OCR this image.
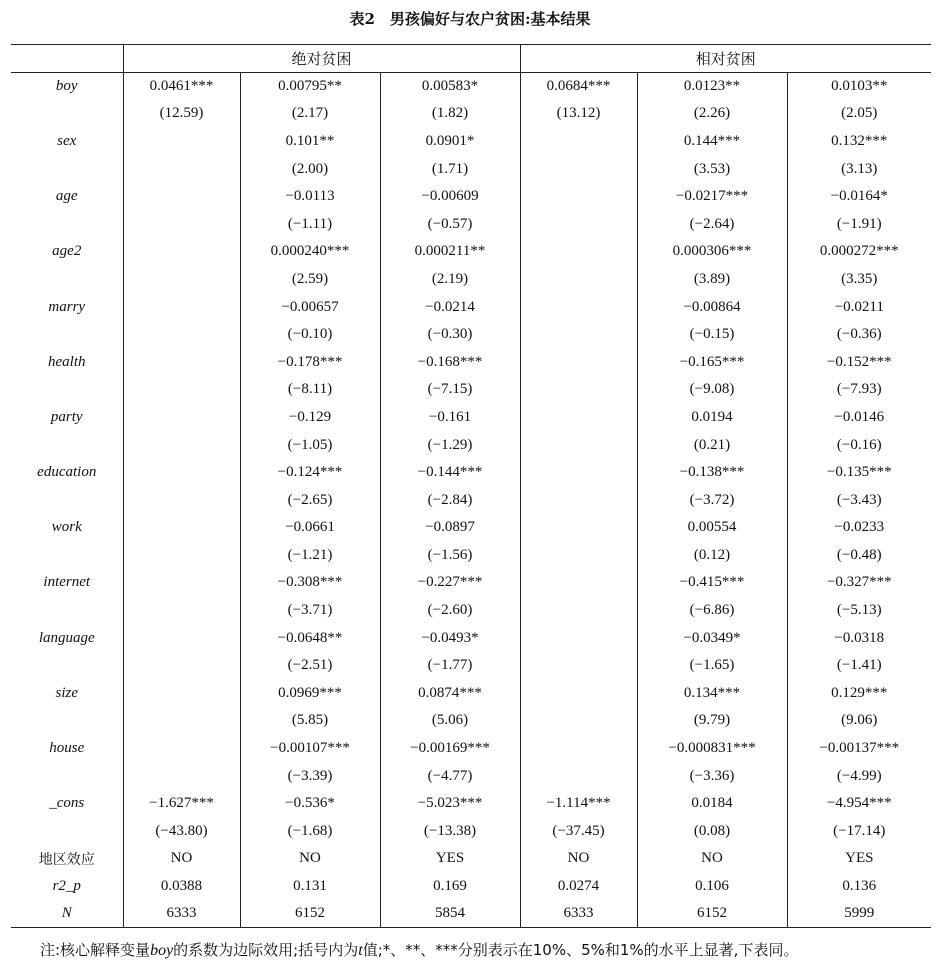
表2　男孩偏好与农户贫困:基本结果
	绝对贫困			相对贫困		
boy	0.0461***	0.00795**	0.00583*	0.0684***	0.0123**	0.0103**
	(12.59)	(2.17)	(1.82)	(13.12)	(2.26)	(2.05)
sex		0.101**	0.0901*		0.144***	0.132***
		(2.00)	(1.71)		(3.53)	(3.13)
age		−0.0113	−0.00609		−0.0217***	−0.0164*
		(−1.11)	(−0.57)		(−2.64)	(−1.91)
age2		0.000240***	0.000211**		0.000306***	0.000272***
		(2.59)	(2.19)		(3.89)	(3.35)
marry		−0.00657	−0.0214		−0.00864	−0.0211
		(−0.10)	(−0.30)		(−0.15)	(−0.36)
health		−0.178***	−0.168***		−0.165***	−0.152***
		(−8.11)	(−7.15)		(−9.08)	(−7.93)
party		−0.129	−0.161		0.0194	−0.0146
		(−1.05)	(−1.29)		(0.21)	(−0.16)
education		−0.124***	−0.144***		−0.138***	−0.135***
		(−2.65)	(−2.84)		(−3.72)	(−3.43)
work		−0.0661	−0.0897		0.00554	−0.0233
		(−1.21)	(−1.56)		(0.12)	(−0.48)
internet		−0.308***	−0.227***		−0.415***	−0.327***
		(−3.71)	(−2.60)		(−6.86)	(−5.13)
language		−0.0648**	−0.0493*		−0.0349*	−0.0318
		(−2.51)	(−1.77)		(−1.65)	(−1.41)
size		0.0969***	0.0874***		0.134***	0.129***
		(5.85)	(5.06)		(9.79)	(9.06)
house		−0.00107***	−0.00169***		−0.000831***	−0.00137***
		(−3.39)	(−4.77)		(−3.36)	(−4.99)
_cons	−1.627***	−0.536*	−5.023***	−1.114***	0.0184	−4.954***
	(−43.80)	(−1.68)	(−13.38)	(−37.45)	(0.08)	(−17.14)
地区效应	NO	NO	YES	NO	NO	YES
r2_p	0.0388	0.131	0.169	0.0274	0.106	0.136
N	6333	6152	5854	6333	6152	5999
注:核心解释变量boy的系数为边际效用;括号内为t值;*、**、***分别表示在10%、5%和1%的水平上显著,下表同。
